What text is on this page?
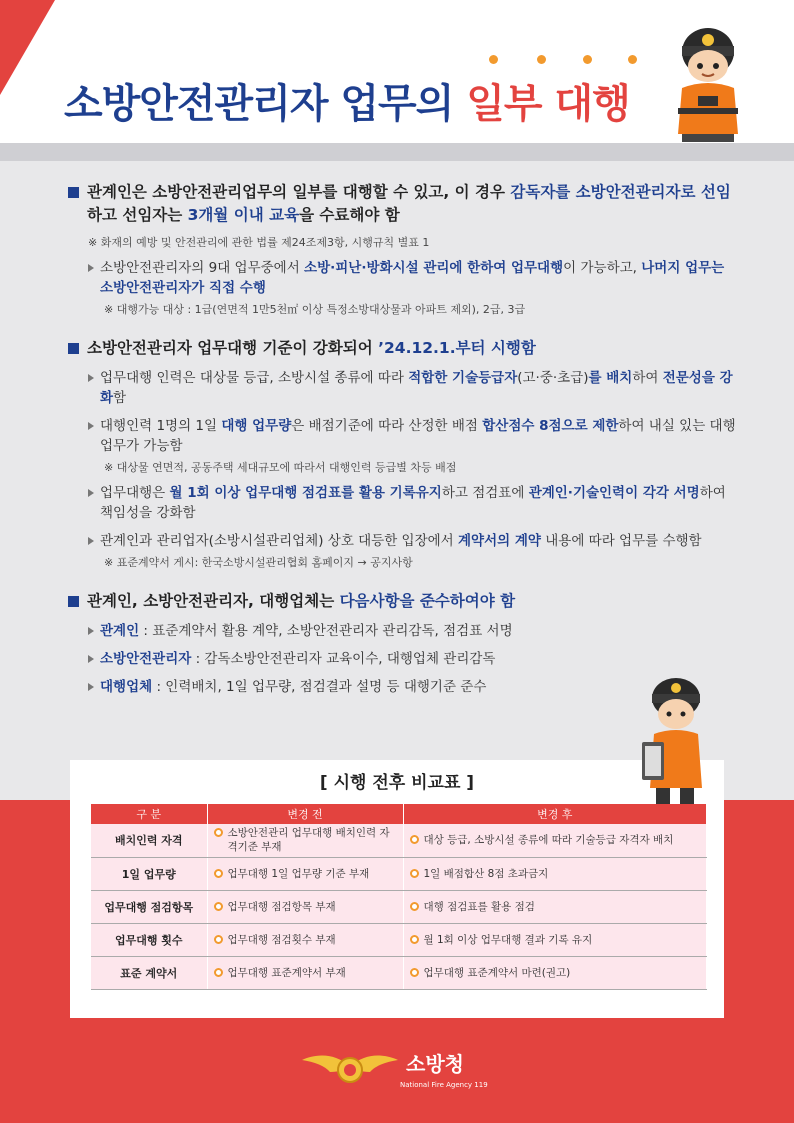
소방안전관리자 업무의 일부 대행
관계인은 소방안전관리업무의 일부를 대행할 수 있고, 이 경우 감독자를 소방안전관리자로 선임하고 선임자는 3개월 이내 교육을 수료해야 함
※ 화재의 예방 및 안전관리에 관한 법률 제24조제3항, 시행규칙 별표 1
소방안전관리자의 9대 업무중에서 소방·피난·방화시설 관리에 한하여 업무대행이 가능하고, 나머지 업무는 소방안전관리자가 직접 수행
※ 대행가능 대상 : 1급(연면적 1만5천㎡ 이상 특정소방대상물과 아파트 제외), 2급, 3급
소방안전관리자 업무대행 기준이 강화되어 ’24.12.1.부터 시행함
업무대행 인력은 대상물 등급, 소방시설 종류에 따라 적합한 기술등급자(고·중·초급)를 배치하여 전문성을 강화함
대행인력 1명의 1일 대행 업무량은 배점기준에 따라 산정한 배점 합산점수 8점으로 제한하여 내실 있는 대행업무가 가능함
※ 대상물 연면적, 공동주택 세대규모에 따라서 대행인력 등급별 차등 배점
업무대행은 월 1회 이상 업무대행 점검표를 활용 기록유지하고 점검표에 관계인·기술인력이 각각 서명하여 책임성을 강화함
관계인과 관리업자(소방시설관리업체) 상호 대등한 입장에서 계약서의 계약 내용에 따라 업무를 수행함
※ 표준계약서 게시: 한국소방시설관리협회 홈페이지 → 공지사항
관계인, 소방안전관리자, 대행업체는 다음사항을 준수하여야 함
관계인 : 표준계약서 활용 계약, 소방안전관리자 관리감독, 점검표 서명
소방안전관리자 : 감독소방안전관리자 교육이수, 대행업체 관리감독
대행업체 : 인력배치, 1일 업무량, 점검결과 설명 등 대행기준 준수
[ 시행 전후 비교표 ]
구 분	변경 전	변경 후
배치인력 자격	소방안전관리 업무대행 배치인력 자격기준 부재	대상 등급, 소방시설 종류에 따라 기술등급 자격자 배치

1일 업무량	업무대행 1일 업무량 기준 부재	1일 배점합산 8점 초과금지

업무대행 점검항목	업무대행 점검항목 부재	대행 점검표를 활용 점검

업무대행 횟수	업무대행 점검횟수 부재	월 1회 이상 업무대행 결과 기록 유지

표준 계약서	업무대행 표준계약서 부재	업무대행 표준계약서 마련(권고)
소방청
National Fire Agency 119
